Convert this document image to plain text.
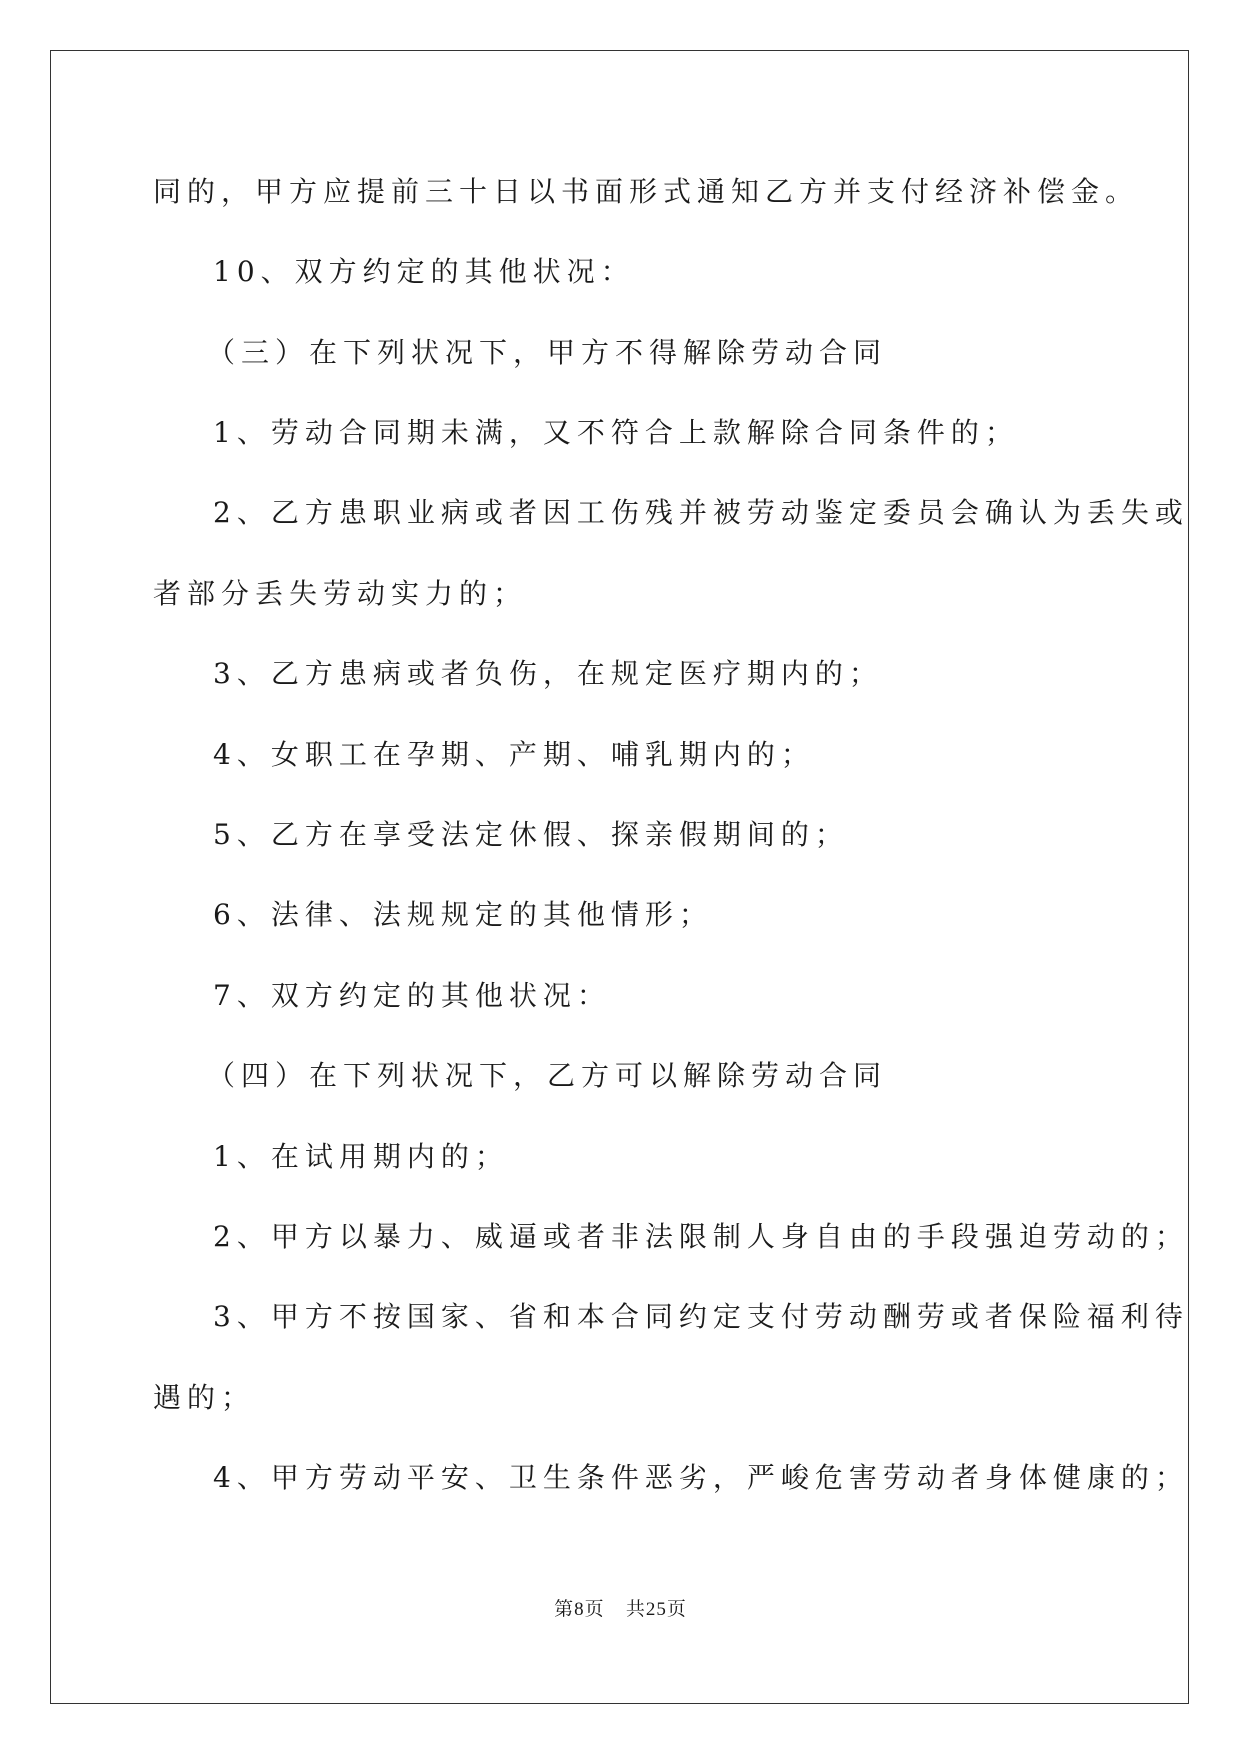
同的，甲方应提前三十日以书面形式通知乙方并支付经济补偿金。
10、双方约定的其他状况：
（三）在下列状况下，甲方不得解除劳动合同
1、劳动合同期未满，又不符合上款解除合同条件的；
2、乙方患职业病或者因工伤残并被劳动鉴定委员会确认为丢失或
者部分丢失劳动实力的；
3、乙方患病或者负伤，在规定医疗期内的；
4、女职工在孕期、产期、哺乳期内的；
5、乙方在享受法定休假、探亲假期间的；
6、法律、法规规定的其他情形；
7、双方约定的其他状况：
（四）在下列状况下，乙方可以解除劳动合同
1、在试用期内的；
2、甲方以暴力、威逼或者非法限制人身自由的手段强迫劳动的；
3、甲方不按国家、省和本合同约定支付劳动酬劳或者保险福利待
遇的；
4、甲方劳动平安、卫生条件恶劣，严峻危害劳动者身体健康的；
第8页 共25页
